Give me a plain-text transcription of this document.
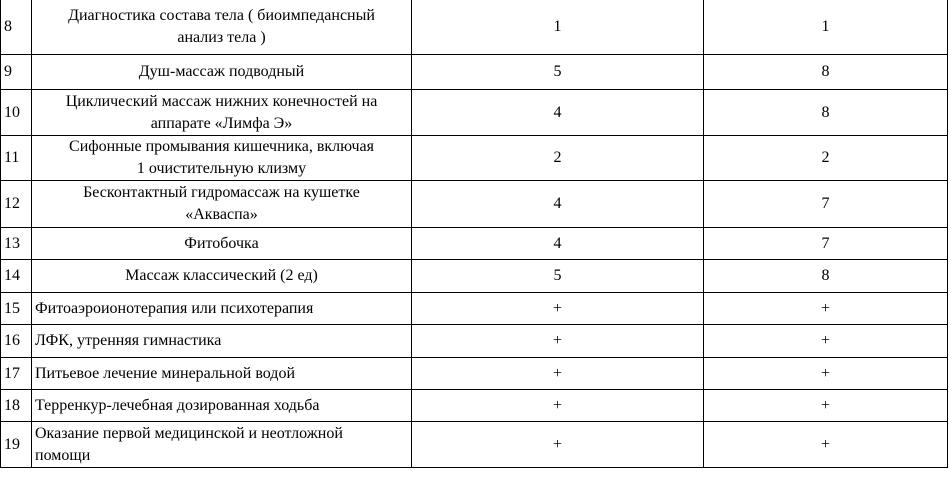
8	Диагностика состава тела ( биоимпедансный
анализ тела )	1	1
9	Душ-массаж подводный	5	8
10	Циклический массаж нижних конечностей на
аппарате «Лимфа Э»	4	8
11	Сифонные промывания кишечника, включая
1 очистительную клизму	2	2
12	Бесконтактный гидромассаж на кушетке
«Акваспа»	4	7
13	Фитобочка	4	7
14	Массаж классический (2 ед)	5	8
15	Фитоаэроионотерапия или психотерапия	+	+
16	ЛФК, утренняя гимнастика	+	+
17	Питьевое лечение минеральной водой	+	+
18	Терренкур-лечебная дозированная ходьба	+	+
19	Оказание первой медицинской и неотложной
помощи	+	+
